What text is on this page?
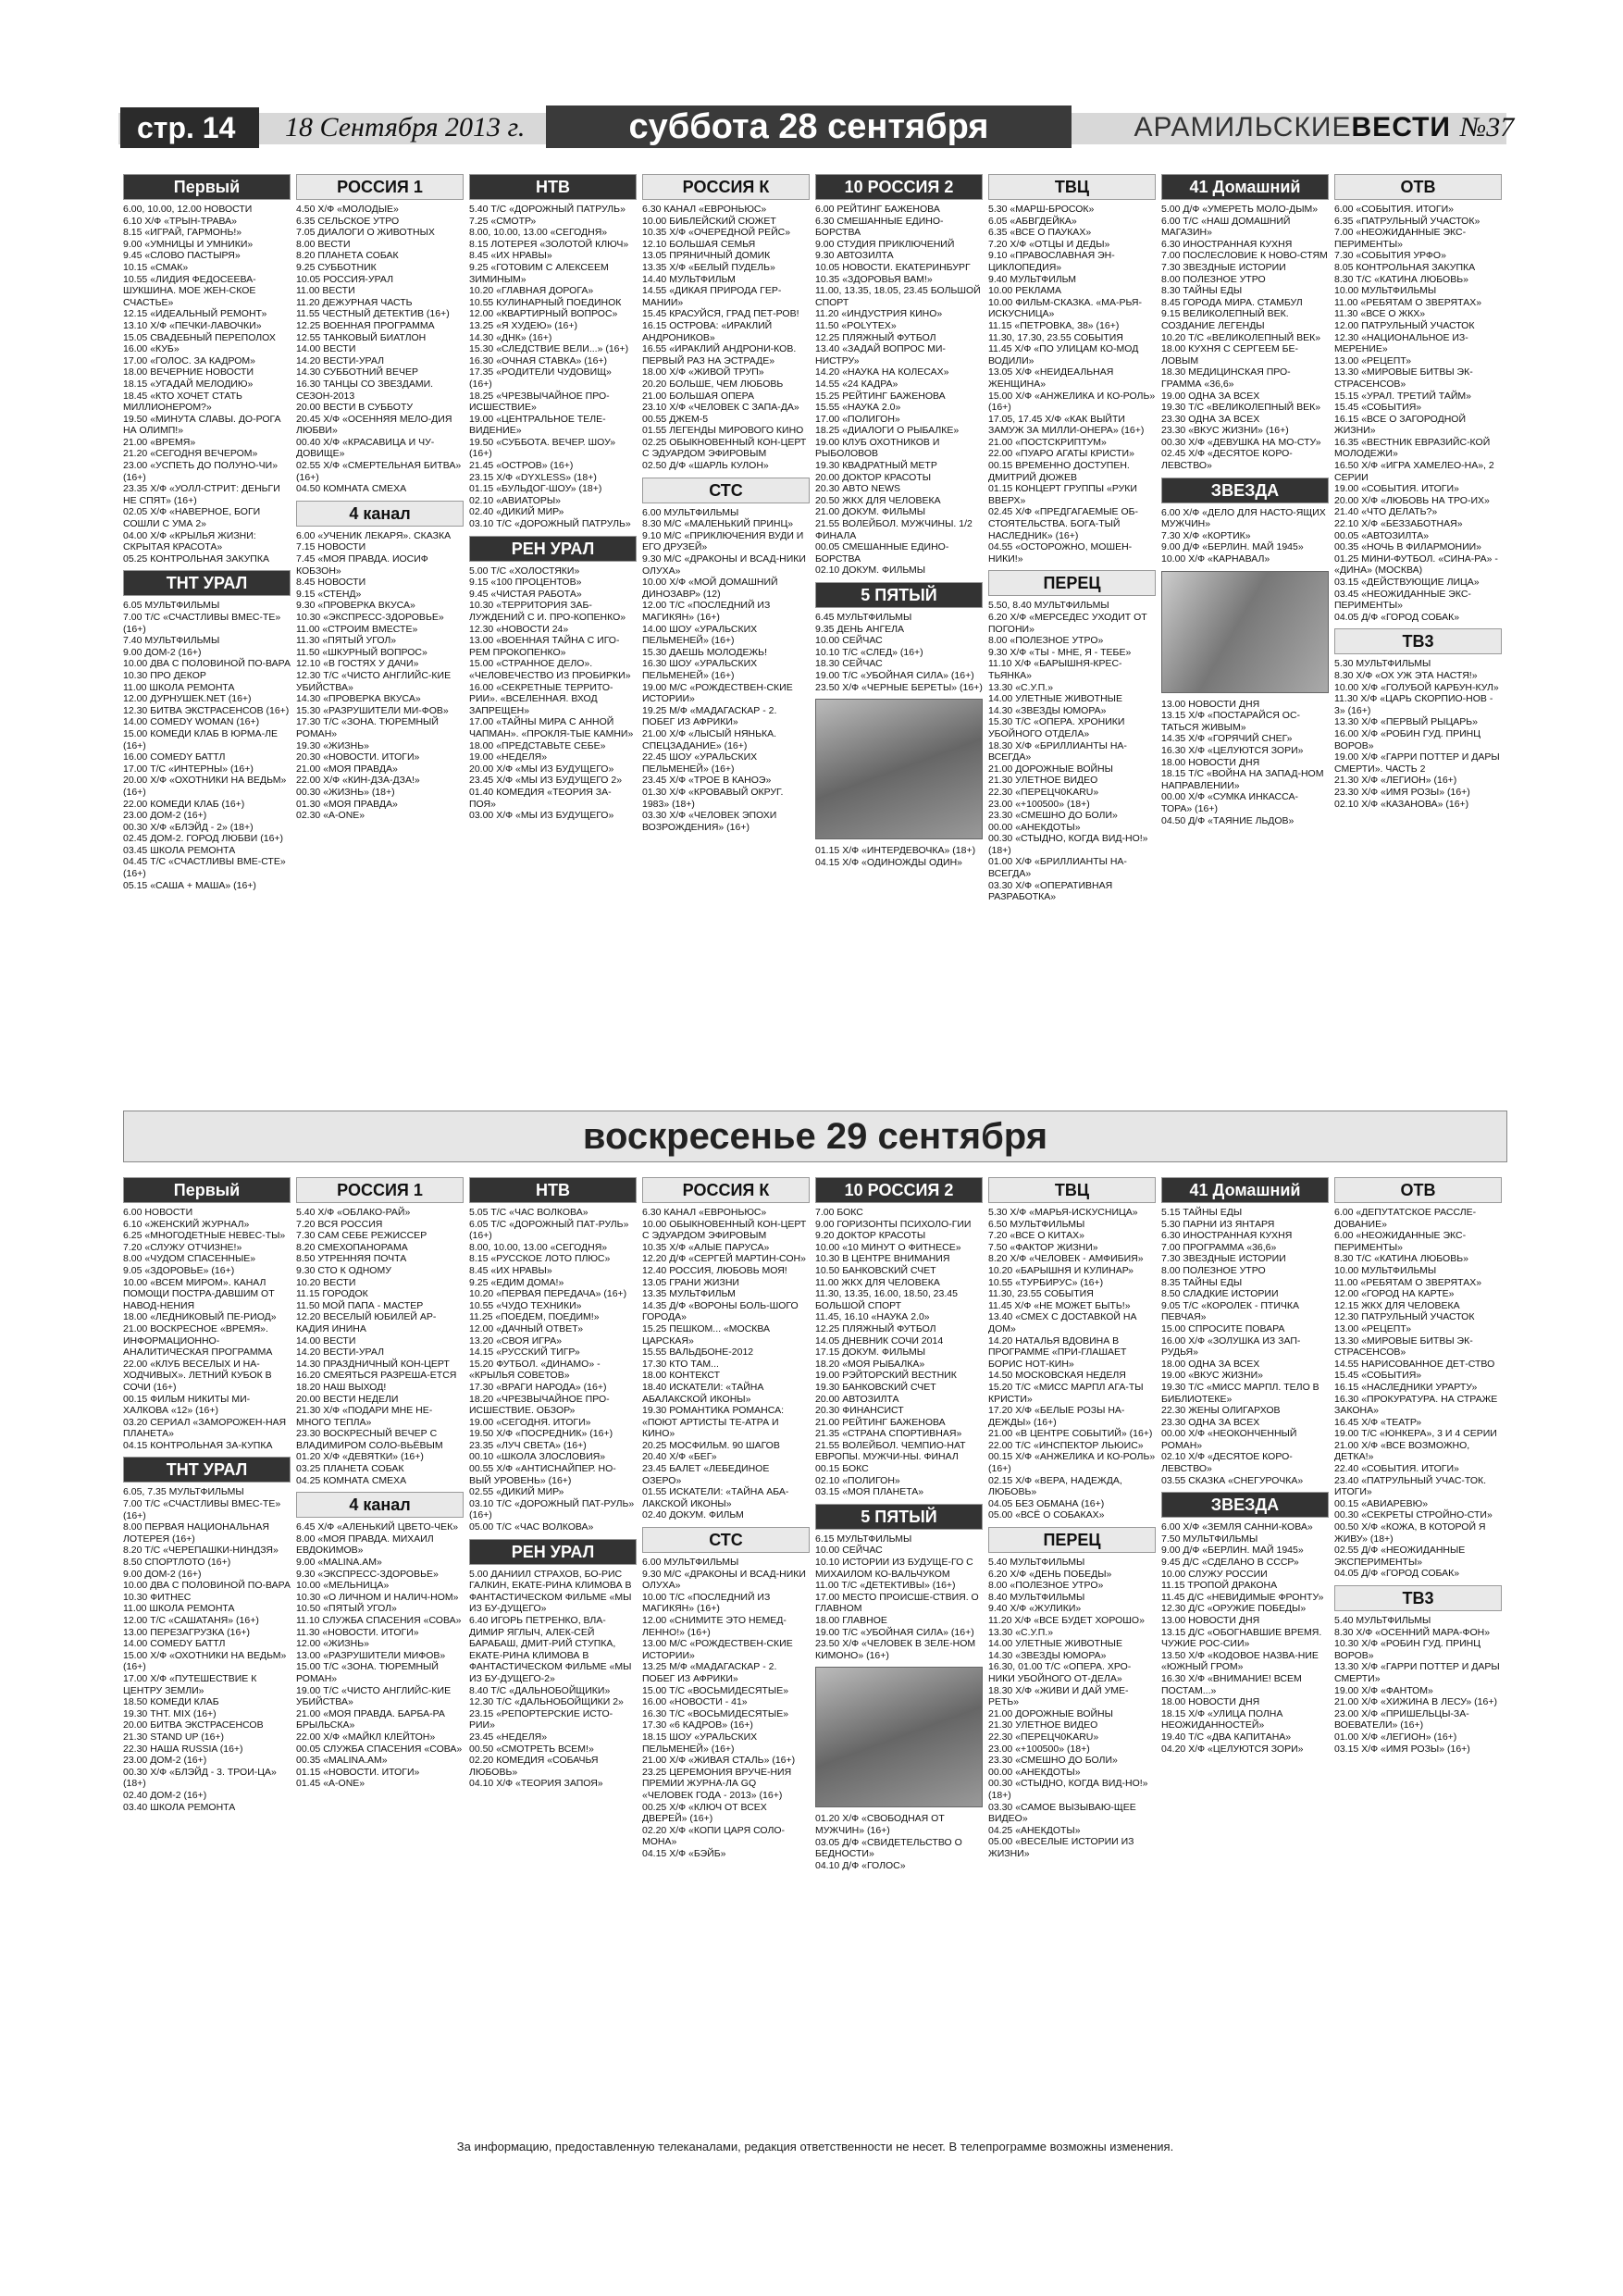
стр. 14	18 Сентября 2013 г.	суббота 28 сентября	АРАМИЛЬСКИЕВЕСТИ №37
Первый
6.00, 10.00, 12.00 НОВОСТИ
6.10 Х/Ф «ТРЫН-ТРАВА»
8.15 «ИГРАЙ, ГАРМОНЬ!»
9.00 «УМНИЦЫ И УМНИКИ»
9.45 «СЛОВО ПАСТЫРЯ»
10.15 «СМАК»
10.55 «ЛИДИЯ ФЕДОСЕЕВА-ШУКШИНА. МОЕ ЖЕН-СКОЕ СЧАСТЬЕ»
12.15 «ИДЕАЛЬНЫЙ РЕМОНТ»
13.10 Х/Ф «ПЕЧКИ-ЛАВОЧКИ»
15.05 СВАДЕБНЫЙ ПЕРЕПОЛОХ
16.00 «КУБ»
17.00 «ГОЛОС. ЗА КАДРОМ»
18.00 ВЕЧЕРНИЕ НОВОСТИ
18.15 «УГАДАЙ МЕЛОДИЮ»
18.45 «КТО ХОЧЕТ СТАТЬ МИЛЛИОНЕРОМ?»
19.50 «МИНУТА СЛАВЫ. ДО-РОГА НА ОЛИМП!»
21.00 «ВРЕМЯ»
21.20 «СЕГОДНЯ ВЕЧЕРОМ»
23.00 «УСПЕТЬ ДО ПОЛУНО-ЧИ» (16+)
23.35 Х/Ф «УОЛЛ-СТРИТ: ДЕНЬГИ НЕ СПЯТ» (16+)
02.05 Х/Ф «НАВЕРНОЕ, БОГИ СОШЛИ С УМА 2»
04.00 Х/Ф «КРЫЛЬЯ ЖИЗНИ: СКРЫТАЯ КРАСОТА»
05.25 КОНТРОЛЬНАЯ ЗАКУПКА
ТНТ УРАЛ
6.05 МУЛЬТФИЛЬМЫ
7.00 Т/С «СЧАСТЛИВЫ ВМЕС-ТЕ» (16+)
7.40 МУЛЬТФИЛЬМЫ
9.00 ДОМ-2 (16+)
10.00 ДВА С ПОЛОВИНОЙ ПО-ВАРА
10.30 ПРО ДЕКОР
11.00 ШКОЛА РЕМОНТА
12.00 ДУРНУШЕК.NET (16+)
12.30 БИТВА ЭКСТРАСЕНСОВ (16+)
14.00 COMEDY WOMAN (16+)
15.00 КОМЕДИ КЛАБ В ЮРМА-ЛЕ (16+)
16.00 COMEDY БАТТЛ
17.00 Т/С «ИНТЕРНЫ» (16+)
20.00 Х/Ф «ОХОТНИКИ НА ВЕДЬМ» (16+)
22.00 КОМЕДИ КЛАБ (16+)
23.00 ДОМ-2 (16+)
00.30 Х/Ф «БЛЭЙД - 2» (18+)
02.45 ДОМ-2. ГОРОД ЛЮБВИ (16+)
03.45 ШКОЛА РЕМОНТА
04.45 Т/С «СЧАСТЛИВЫ ВМЕ-СТЕ» (16+)
05.15 «САША + МАША» (16+)
РОССИЯ 1
4.50 Х/Ф «МОЛОДЫЕ»
6.35 СЕЛЬСКОЕ УТРО
7.05 ДИАЛОГИ О ЖИВОТНЫХ
8.00 ВЕСТИ
8.20 ПЛАНЕТА СОБАК
9.25 СУББОТНИК
10.05 РОССИЯ-УРАЛ
11.00 ВЕСТИ
11.20 ДЕЖУРНАЯ ЧАСТЬ
11.55 ЧЕСТНЫЙ ДЕТЕКТИВ (16+)
12.25 ВОЕННАЯ ПРОГРАММА
12.55 ТАНКОВЫЙ БИАТЛОН
14.00 ВЕСТИ
14.20 ВЕСТИ-УРАЛ
14.30 СУББОТНИЙ ВЕЧЕР
16.30 ТАНЦЫ СО ЗВЕЗДАМИ. СЕЗОН-2013
20.00 ВЕСТИ В СУББОТУ
20.45 Х/Ф «ОСЕННЯЯ МЕЛО-ДИЯ ЛЮБВИ»
00.40 Х/Ф «КРАСАВИЦА И ЧУ-ДОВИЩЕ»
02.55 Х/Ф «СМЕРТЕЛЬНАЯ БИТВА» (16+)
04.50 КОМНАТА СМЕХА
4 канал
6.00 «УЧЕНИК ЛЕКАРЯ». СКАЗКА
7.15 НОВОСТИ
7.45 «МОЯ ПРАВДА. ИОСИФ КОБЗОН»
8.45 НОВОСТИ
9.15 «СТЕНД»
9.30 «ПРОВЕРКА ВКУСА»
10.30 «ЭКСПРЕСС-ЗДОРОВЬЕ»
11.00 «СТРОИМ ВМЕСТЕ»
11.30 «ПЯТЫЙ УГОЛ»
11.50 «ШКУРНЫЙ ВОПРОС»
12.10 «В ГОСТЯХ У ДАЧИ»
12.30 Т/С «ЧИСТО АНГЛИЙС-КИЕ УБИЙСТВА»
14.30 «ПРОВЕРКА ВКУСА»
15.30 «РАЗРУШИТЕЛИ МИ-ФОВ»
17.30 Т/С «ЗОНА. ТЮРЕМНЫЙ РОМАН»
19.30 «ЖИЗНЬ»
20.30 «НОВОСТИ. ИТОГИ»
21.00 «МОЯ ПРАВДА»
22.00 Х/Ф «КИН-ДЗА-ДЗА!»
00.30 «ЖИЗНЬ» (18+)
01.30 «МОЯ ПРАВДА»
02.30 «А-ONE»
НТВ
5.40 Т/С «ДОРОЖНЫЙ ПАТРУЛЬ»
7.25 «СМОТР»
8.00, 10.00, 13.00 «СЕГОДНЯ»
8.15 ЛОТЕРЕЯ «ЗОЛОТОЙ КЛЮЧ»
8.45 «ИХ НРАВЫ»
9.25 «ГОТОВИМ С АЛЕКСЕЕМ ЗИМИНЫМ»
10.20 «ГЛАВНАЯ ДОРОГА»
10.55 КУЛИНАРНЫЙ ПОЕДИНОК
12.00 «КВАРТИРНЫЙ ВОПРОС»
13.25 «Я ХУДЕЮ» (16+)
14.30 «ДНК» (16+)
15.30 «СЛЕДСТВИЕ ВЕЛИ...» (16+)
16.30 «ОЧНАЯ СТАВКА» (16+)
17.35 «РОДИТЕЛИ ЧУДОВИЩ» (16+)
18.25 «ЧРЕЗВЫЧАЙНОЕ ПРО-ИСШЕСТВИЕ»
19.00 «ЦЕНТРАЛЬНОЕ ТЕЛЕ-ВИДЕНИЕ»
19.50 «СУББОТА. ВЕЧЕР. ШОУ» (16+)
21.45 «ОСТРОВ» (16+)
23.15 Х/Ф «DYXLESS» (18+)
01.15 «БУЛЬДОГ-ШОУ» (18+)
02.10 «АВИАТОРЫ»
02.40 «ДИКИЙ МИР»
03.10 Т/С «ДОРОЖНЫЙ ПАТРУЛЬ»
РЕН УРАЛ
5.00 Т/С «ХОЛОСТЯКИ»
9.15 «100 ПРОЦЕНТОВ»
9.45 «ЧИСТАЯ РАБОТА»
10.30 «ТЕРРИТОРИЯ ЗАБ-ЛУЖДЕНИЙ С И. ПРО-КОПЕНКО»
12.30 «НОВОСТИ 24»
13.00 «ВОЕННАЯ ТАЙНА С ИГО-РЕМ ПРОКОПЕНКО»
15.00 «СТРАННОЕ ДЕЛО». «ЧЕЛОВЕЧЕСТВО ИЗ ПРОБИРКИ»
16.00 «СЕКРЕТНЫЕ ТЕРРИТО-РИИ». «ВСЕЛЕННАЯ. ВХОД ЗАПРЕЩЕН»
17.00 «ТАЙНЫ МИРА С АННОЙ ЧАПМАН». «ПРОКЛЯ-ТЫЕ КАМНИ»
18.00 «ПРЕДСТАВЬТЕ СЕБЕ»
19.00 «НЕДЕЛЯ»
20.00 Х/Ф «МЫ ИЗ БУДУЩЕГО»
23.45 Х/Ф «МЫ ИЗ БУДУЩЕГО 2»
01.40 КОМЕДИЯ «ТЕОРИЯ ЗА-ПОЯ»
03.00 Х/Ф «МЫ ИЗ БУДУЩЕГО»
РОССИЯ К
6.30 КАНАЛ «ЕВРОНЬЮС»
10.00 БИБЛЕЙСКИЙ СЮЖЕТ
10.35 Х/Ф «ОЧЕРЕДНОЙ РЕЙС»
12.10 БОЛЬШАЯ СЕМЬЯ
13.05 ПРЯНИЧНЫЙ ДОМИК
13.35 Х/Ф «БЕЛЫЙ ПУДЕЛЬ»
14.40 МУЛЬТФИЛЬМ
14.55 «ДИКАЯ ПРИРОДА ГЕР-МАНИИ»
15.45 КРАСУЙСЯ, ГРАД ПЕТ-РОВ!
16.15 ОСТРОВА: «ИРАКЛИЙ АНДРОНИКОВ»
16.55 «ИРАКЛИЙ АНДРОНИ-КОВ. ПЕРВЫЙ РАЗ НА ЭСТРАДЕ»
18.00 Х/Ф «ЖИВОЙ ТРУП»
20.20 БОЛЬШЕ, ЧЕМ ЛЮБОВЬ
21.00 БОЛЬШАЯ ОПЕРА
23.10 Х/Ф «ЧЕЛОВЕК С ЗАПА-ДА»
00.55 ДЖЕМ-5
01.55 ЛЕГЕНДЫ МИРОВОГО КИНО
02.25 ОБЫКНОВЕННЫЙ КОН-ЦЕРТ С ЭДУАРДОМ ЭФИРОВЫМ
02.50 Д/Ф «ШАРЛЬ КУЛОН»
СТС
6.00 МУЛЬТФИЛЬМЫ
8.30 М/С «МАЛЕНЬКИЙ ПРИНЦ»
9.10 М/С «ПРИКЛЮЧЕНИЯ ВУДИ И ЕГО ДРУЗЕЙ»
9.30 М/С «ДРАКОНЫ И ВСАД-НИКИ ОЛУХА»
10.00 Х/Ф «МОЙ ДОМАШНИЙ ДИНОЗАВР» (12)
12.00 Т/С «ПОСЛЕДНИЙ ИЗ МАГИКЯН» (16+)
14.00 ШОУ «УРАЛЬСКИХ ПЕЛЬМЕНЕЙ» (16+)
15.30 ДАЕШЬ МОЛОДЕЖЬ!
16.30 ШОУ «УРАЛЬСКИХ ПЕЛЬМЕНЕЙ» (16+)
19.00 М/С «РОЖДЕСТВЕН-СКИЕ ИСТОРИИ»
19.25 М/Ф «МАДАГАСКАР - 2. ПОБЕГ ИЗ АФРИКИ»
21.00 Х/Ф «ЛЫСЫЙ НЯНЬКА. СПЕЦЗАДАНИЕ» (16+)
22.45 ШОУ «УРАЛЬСКИХ ПЕЛЬМЕНЕЙ» (16+)
23.45 Х/Ф «ТРОЕ В КАНОЭ»
01.30 Х/Ф «КРОВАВЫЙ ОКРУГ. 1983» (18+)
03.30 Х/Ф «ЧЕЛОВЕК ЭПОХИ ВОЗРОЖДЕНИЯ» (16+)
10 РОССИЯ 2
6.00 РЕЙТИНГ БАЖЕНОВА
6.30 СМЕШАННЫЕ ЕДИНО-БОРСТВА
9.00 СТУДИЯ ПРИКЛЮЧЕНИЙ
9.30 АВТОЗИЛТА
10.05 НОВОСТИ. ЕКАТЕРИНБУРГ
10.35 «ЗДОРОВЬЯ ВАМ!»
11.00, 13.35, 18.05, 23.45 БОЛЬШОЙ СПОРТ
11.20 «ИНДУСТРИЯ КИНО»
11.50 «POLYTEX»
12.25 ПЛЯЖНЫЙ ФУТБОЛ
13.40 «ЗАДАЙ ВОПРОС МИ-НИСТРУ»
14.20 «НАУКА НА КОЛЕСАХ»
14.55 «24 КАДРА»
15.25 РЕЙТИНГ БАЖЕНОВА
15.55 «НАУКА 2.0»
17.00 «ПОЛИГОН»
18.25 «ДИАЛОГИ О РЫБАЛКЕ»
19.00 КЛУБ ОХОТНИКОВ И РЫБОЛОВОВ
19.30 КВАДРАТНЫЙ МЕТР
20.00 ДОКТОР КРАСОТЫ
20.30 ABTO NEWS
20.50 ЖКХ ДЛЯ ЧЕЛОВЕКА
21.00 ДОКУМ. ФИЛЬМЫ
21.55 ВОЛЕЙБОЛ. МУЖЧИНЫ. 1/2 ФИНАЛА
00.05 СМЕШАННЫЕ ЕДИНО-БОРСТВА
02.10 ДОКУМ. ФИЛЬМЫ
5 ПЯТЫЙ
6.45 МУЛЬТФИЛЬМЫ
9.35 ДЕНЬ АНГЕЛА
10.00 СЕЙЧАС
10.10 Т/С «СЛЕД» (16+)
18.30 СЕЙЧАС
19.00 Т/С «УБОЙНАЯ СИЛА» (16+)
23.50 Х/Ф «ЧЕРНЫЕ БЕРЕТЫ» (16+)
01.15 Х/Ф «ИНТЕРДЕВОЧКА» (18+)
04.15 Х/Ф «ОДИНОЖДЫ ОДИН»
ТВЦ
5.30 «МАРШ-БРОСОК»
6.05 «АБВГДЕЙКА»
6.35 «ВСЕ О ПАУКАХ»
7.20 Х/Ф «ОТЦЫ И ДЕДЫ»
9.10 «ПРАВОСЛАВНАЯ ЭН-ЦИКЛОПЕДИЯ»
9.40 МУЛЬТФИЛЬМ
10.00 РЕКЛАМА
10.00 ФИЛЬМ-СКАЗКА. «МА-РЬЯ-ИСКУСНИЦА»
11.15 «ПЕТРОВКА, 38» (16+)
11.30, 17.30, 23.55 СОБЫТИЯ
11.45 Х/Ф «ПО УЛИЦАМ КО-МОД ВОДИЛИ»
13.05 Х/Ф «НЕИДЕАЛЬНАЯ ЖЕНЩИНА»
15.00 Х/Ф «АНЖЕЛИКА И КО-РОЛЬ» (16+)
17.05, 17.45 Х/Ф «КАК ВЫЙТИ ЗАМУЖ ЗА МИЛЛИ-ОНЕРА» (16+)
21.00 «ПОСТСКРИПТУМ»
22.00 «ПУАРО АГАТЫ КРИСТИ»
00.15 ВРЕМЕННО ДОСТУПЕН. ДМИТРИЙ ДЮЖЕВ
01.15 КОНЦЕРТ ГРУППЫ «РУКИ ВВЕРХ»
02.45 Х/Ф «ПРЕДГАГАЕМЫЕ ОБ-СТОЯТЕЛЬСТВА. БОГА-ТЫЙ НАСЛЕДНИК» (16+)
04.55 «ОСТОРОЖНО, МОШЕН-НИКИ!»
ПЕРЕЦ
5.50, 8.40 МУЛЬТФИЛЬМЫ
6.20 Х/Ф «МЕРСЕДЕС УХОДИТ ОТ ПОГОНИ»
8.00 «ПОЛЕЗНОЕ УТРО»
9.30 Х/Ф «ТЫ - МНЕ, Я - ТЕБЕ»
11.10 Х/Ф «БАРЫШНЯ-КРЕС-ТЬЯНКА»
13.30 «С.У.П.»
14.00 УЛЕТНЫЕ ЖИВОТНЫЕ
14.30 «ЗВЕЗДЫ ЮМОРА»
15.30 Т/С «ОПЕРА. ХРОНИКИ УБОЙНОГО ОТДЕЛА»
18.30 Х/Ф «БРИЛЛИАНТЫ НА-ВСЕГДА»
21.00 ДОРОЖНЫЕ ВОЙНЫ
21.30 УЛЕТНОЕ ВИДЕО
22.30 «ПЕРЕЦЧ0KARU»
23.00 «+100500» (18+)
23.30 «СМЕШНО ДО БОЛИ»
00.00 «АНЕКДОТЫ»
00.30 «СТЫДНО, КОГДА ВИД-НО!» (18+)
01.00 Х/Ф «БРИЛЛИАНТЫ НА-ВСЕГДА»
03.30 Х/Ф «ОПЕРАТИВНАЯ РАЗРАБОТКА»
41 Домашний
5.00 Д/Ф «УМЕРЕТЬ МОЛО-ДЫМ»
6.00 Т/С «НАШ ДОМАШНИЙ МАГАЗИН»
6.30 ИНОСТРАННАЯ КУХНЯ
7.00 ПОСЛЕСЛОВИЕ К НОВО-СТЯМ
7.30 ЗВЕЗДНЫЕ ИСТОРИИ
8.00 ПОЛЕЗНОЕ УТРО
8.30 ТАЙНЫ ЕДЫ
8.45 ГОРОДА МИРА. СТАМБУЛ
9.15 ВЕЛИКОЛЕПНЫЙ ВЕК. СОЗДАНИЕ ЛЕГЕНДЫ
10.20 Т/С «ВЕЛИКОЛЕПНЫЙ ВЕК»
18.00 КУХНЯ С СЕРГЕЕМ БЕ-ЛОВЫМ
18.30 МЕДИЦИНСКАЯ ПРО-ГРАММА «36,6»
19.00 ОДНА ЗА ВСЕХ
19.30 Т/С «ВЕЛИКОЛЕПНЫЙ ВЕК»
23.30 ОДНА ЗА ВСЕХ
23.30 «ВКУС ЖИЗНИ» (16+)
00.30 Х/Ф «ДЕВУШКА НА МО-СТУ»
02.45 Х/Ф «ДЕСЯТОЕ КОРО-ЛЕВСТВО»
ЗВЕЗДА
6.00 Х/Ф «ДЕЛО ДЛЯ НАСТО-ЯЩИХ МУЖЧИН»
7.30 Х/Ф «КОРТИК»
9.00 Д/Ф «БЕРЛИН. МАЙ 1945»
10.00 Х/Ф «КАРНАВАЛ»
13.00 НОВОСТИ ДНЯ
13.15 Х/Ф «ПОСТАРАЙСЯ ОС-ТАТЬСЯ ЖИВЫМ»
14.35 Х/Ф «ГОРЯЧИЙ СНЕГ»
16.30 Х/Ф «ЦЕЛУЮТСЯ ЗОРИ»
18.00 НОВОСТИ ДНЯ
18.15 Т/С «ВОЙНА НА ЗАПАД-НОМ НАПРАВЛЕНИИ»
00.00 Х/Ф «СУМКА ИНКАССА-ТОРА» (16+)
04.50 Д/Ф «ТАЯНИЕ ЛЬДОВ»
ОТВ
6.00 «СОБЫТИЯ. ИТОГИ»
6.35 «ПАТРУЛЬНЫЙ УЧАСТОК»
7.00 «НЕОЖИДАННЫЕ ЭКС-ПЕРИМЕНТЫ»
7.30 «СОБЫТИЯ УРФО»
8.05 КОНТРОЛЬНАЯ ЗАКУПКА
8.30 Т/С «КАТИНА ЛЮБОВЬ»
10.00 МУЛЬТФИЛЬМЫ
11.00 «РЕБЯТАМ О ЗВЕРЯТАХ»
11.30 «ВСЕ О ЖКХ»
12.00 ПАТРУЛЬНЫЙ УЧАСТОК
12.30 «НАЦИОНАЛЬНОЕ ИЗ-МЕРЕНИЕ»
13.00 «РЕЦЕПТ»
13.30 «МИРОВЫЕ БИТВЫ ЭК-СТРАСЕНСОВ»
15.15 «УРАЛ. ТРЕТИЙ ТАЙМ»
15.45 «СОБЫТИЯ»
16.15 «ВСЕ О ЗАГОРОДНОЙ ЖИЗНИ»
16.35 «ВЕСТНИК ЕВРАЗИЙС-КОЙ МОЛОДЕЖИ»
16.50 Х/Ф «ИГРА ХАМЕЛЕО-НА», 2 СЕРИИ
19.00 «СОБЫТИЯ. ИТОГИ»
20.00 Х/Ф «ЛЮБОВЬ НА ТРО-ИХ»
21.40 «ЧТО ДЕЛАТЬ?»
22.10 Х/Ф «БЕЗЗАБОТНАЯ»
00.05 «АВТОЗИЛТА»
00.35 «НОЧЬ В ФИЛАРМОНИИ»
01.25 МИНИ-ФУТБОЛ. «СИНА-РА» - «ДИНА» (МОСКВА)
03.15 «ДЕЙСТВУЮЩИЕ ЛИЦА»
03.45 «НЕОЖИДАННЫЕ ЭКС-ПЕРИМЕНТЫ»
04.05 Д/Ф «ГОРОД СОБАК»
ТВ3
5.30 МУЛЬТФИЛЬМЫ
8.30 Х/Ф «ОХ УЖ ЭТА НАСТЯ!»
10.00 Х/Ф «ГОЛУБОЙ КАРБУН-КУЛ»
11.30 Х/Ф «ЦАРЬ СКОРПИО-НОВ - 3» (16+)
13.30 Х/Ф «ПЕРВЫЙ РЫЦАРЬ»
16.00 Х/Ф «РОБИН ГУД. ПРИНЦ ВОРОВ»
19.00 Х/Ф «ГАРРИ ПОТТЕР И ДАРЫ СМЕРТИ». ЧАСТЬ 2
21.30 Х/Ф «ЛЕГИОН» (16+)
23.30 Х/Ф «ИМЯ РОЗЫ» (16+)
02.10 Х/Ф «КАЗАНОВА» (16+)
воскресенье 29 сентября
Первый
6.00 НОВОСТИ
6.10 «ЖЕНСКИЙ ЖУРНАЛ»
6.25 «МНОГОДЕТНЫЕ НЕВЕС-ТЫ»
7.20 «СЛУЖУ ОТЧИЗНЕ!»
8.00 «ЧУДОМ СПАСЕННЫЕ»
9.05 «ЗДОРОВЬЕ» (16+)
10.00 «ВСЕМ МИРОМ». КАНАЛ ПОМОЩИ ПОСТРА-ДАВШИМ ОТ НАВОД-НЕНИЯ
18.00 «ЛЕДНИКОВЫЙ ПЕ-РИОД»
21.00 ВОСКРЕСНОЕ «ВРЕМЯ». ИНФОРМАЦИОННО-АНАЛИТИЧЕСКАЯ ПРОГРАММА
22.00 «КЛУБ ВЕСЕЛЫХ И НА-ХОДЧИВЫХ». ЛЕТНИЙ КУБОК В СОЧИ (16+)
00.15 ФИЛЬМ НИКИТЫ МИ-ХАЛКОВА «12» (16+)
03.20 СЕРИАЛ «ЗАМОРОЖЕН-НАЯ ПЛАНЕТА»
04.15 КОНТРОЛЬНАЯ ЗА-КУПКА
ТНТ УРАЛ
6.05, 7.35 МУЛЬТФИЛЬМЫ
7.00 Т/С «СЧАСТЛИВЫ ВМЕС-ТЕ» (16+)
8.00 ПЕРВАЯ НАЦИОНАЛЬНАЯ ЛОТЕРЕЯ (16+)
8.20 Т/С «ЧЕРЕПАШКИ-НИНДЗЯ»
8.50 СПОРТЛОТО (16+)
9.00 ДОМ-2 (16+)
10.00 ДВА С ПОЛОВИНОЙ ПО-ВАРА
10.30 ФИТНЕС
11.00 ШКОЛА РЕМОНТА
12.00 Т/С «САШАТАНЯ» (16+)
13.00 ПЕРЕЗАГРУЗКА (16+)
14.00 COMEDY БАТТЛ
15.00 Х/Ф «ОХОТНИКИ НА ВЕДЬМ» (16+)
17.00 Х/Ф «ПУТЕШЕСТВИЕ К ЦЕНТРУ ЗЕМЛИ»
18.50 КОМЕДИ КЛАБ
19.30 ТНТ. MIX (16+)
20.00 БИТВА ЭКСТРАСЕНСОВ
21.30 STAND UP (16+)
22.30 НАША RUSSIA (16+)
23.00 ДОМ-2 (16+)
00.30 Х/Ф «БЛЭЙД - 3. ТРОИ-ЦА» (18+)
02.40 ДОМ-2 (16+)
03.40 ШКОЛА РЕМОНТА
РОССИЯ 1
5.40 Х/Ф «ОБЛАКО-РАЙ»
7.20 ВСЯ РОССИЯ
7.30 САМ СЕБЕ РЕЖИССЕР
8.20 СМЕХОПАНОРАМА
8.50 УТРЕННЯЯ ПОЧТА
9.30 СТО К ОДНОМУ
10.20 ВЕСТИ
11.15 ГОРОДОК
11.50 МОЙ ПАПА - МАСТЕР
12.20 ВЕСЕЛЫЙ ЮБИЛЕЙ АР-КАДИЯ ИНИНА
14.00 ВЕСТИ
14.20 ВЕСТИ-УРАЛ
14.30 ПРАЗДНИЧНЫЙ КОН-ЦЕРТ
16.20 СМЕЯТЬСЯ РАЗРЕША-ЕТСЯ
18.20 НАШ ВЫХОД!
20.00 ВЕСТИ НЕДЕЛИ
21.30 Х/Ф «ПОДАРИ МНЕ НЕ-МНОГО ТЕПЛА»
23.30 ВОСКРЕСНЫЙ ВЕЧЕР С ВЛАДИМИРОМ СОЛО-ВЬЁВЫМ
01.20 Х/Ф «ДЕВЯТКИ» (16+)
03.25 ПЛАНЕТА СОБАК
04.25 КОМНАТА СМЕХА
4 канал
6.45 Х/Ф «АЛЕНЬКИЙ ЦВЕТО-ЧЕК»
8.00 «МОЯ ПРАВДА. МИХАИЛ ЕВДОКИМОВ»
9.00 «MALINA.AM»
9.30 «ЭКСПРЕСС-ЗДОРОВЬЕ»
10.00 «МЕЛЬНИЦА»
10.30 «О ЛИЧНОМ И НАЛИЧ-НОМ»
10.50 «ПЯТЫЙ УГОЛ»
11.10 СЛУЖБА СПАСЕНИЯ «СОВА»
11.30 «НОВОСТИ. ИТОГИ»
12.00 «ЖИЗНЬ»
13.00 «РАЗРУШИТЕЛИ МИФОВ»
15.00 Т/С «ЗОНА. ТЮРЕМНЫЙ РОМАН»
19.00 Т/С «ЧИСТО АНГЛИЙС-КИЕ УБИЙСТВА»
21.00 «МОЯ ПРАВДА. БАРБА-РА БРЫЛЬСКА»
22.00 Х/Ф «МАЙКЛ КЛЕЙТОН»
00.05 СЛУЖБА СПАСЕНИЯ «СОВА»
00.35 «MALINA.AM»
01.15 «НОВОСТИ. ИТОГИ»
01.45 «А-ONE»
НТВ
5.05 Т/С «ЧАС ВОЛКОВА»
6.05 Т/С «ДОРОЖНЫЙ ПАТ-РУЛЬ» (16+)
8.00, 10.00, 13.00 «СЕГОДНЯ»
8.15 «РУССКОЕ ЛОТО ПЛЮС»
8.45 «ИХ НРАВЫ»
9.25 «ЕДИМ ДОМА!»
10.20 «ПЕРВАЯ ПЕРЕДАЧА» (16+)
10.55 «ЧУДО ТЕХНИКИ»
11.25 «ПОЕДЕМ, ПОЕДИМ!»
12.00 «ДАЧНЫЙ ОТВЕТ»
13.20 «СВОЯ ИГРА»
14.15 «РУССКИЙ ТИГР»
15.20 ФУТБОЛ. «ДИНАМО» - «КРЫЛЬЯ СОВЕТОВ»
17.30 «ВРАГИ НАРОДА» (16+)
18.20 «ЧРЕЗВЫЧАЙНОЕ ПРО-ИСШЕСТВИЕ. ОБЗОР»
19.00 «СЕГОДНЯ. ИТОГИ»
19.50 Х/Ф «ПОСРЕДНИК» (16+)
23.35 «ЛУЧ СВЕТА» (16+)
00.10 «ШКОЛА ЗЛОСЛОВИЯ»
00.55 Х/Ф «АНТИСНАЙПЕР. НО-ВЫЙ УРОВЕНЬ» (16+)
02.55 «ДИКИЙ МИР»
03.10 Т/С «ДОРОЖНЫЙ ПАТ-РУЛЬ» (16+)
05.00 Т/С «ЧАС ВОЛКОВА»
РЕН УРАЛ
5.00 ДАНИИЛ СТРАХОВ, БО-РИС ГАЛКИН, ЕКАТЕ-РИНА КЛИМОВА В ФАНТАСТИЧЕСКОМ ФИЛЬМЕ «МЫ ИЗ БУ-ДУЩЕГО»
6.40 ИГОРЬ ПЕТРЕНКО, ВЛА-ДИМИР ЯГЛЫЧ, АЛЕК-СЕЙ БАРАБАШ, ДМИТ-РИЙ СТУПКА, ЕКАТЕ-РИНА КЛИМОВА В ФАНТАСТИЧЕСКОМ ФИЛЬМЕ «МЫ ИЗ БУ-ДУЩЕГО-2»
8.40 Т/С «ДАЛЬНОБОЙЩИКИ»
12.30 Т/С «ДАЛЬНОБОЙЩИКИ 2»
23.15 «РЕПОРТЕРСКИЕ ИСТО-РИИ»
23.45 «НЕДЕЛЯ»
00.50 «СМОТРЕТЬ ВСЕМ!»
02.20 КОМЕДИЯ «СОБАЧЬЯ ЛЮБОВЬ»
04.10 Х/Ф «ТЕОРИЯ ЗАПОЯ»
РОССИЯ К
6.30 КАНАЛ «ЕВРОНЬЮС»
10.00 ОБЫКНОВЕННЫЙ КОН-ЦЕРТ С ЭДУАРДОМ ЭФИРОВЫМ
10.35 Х/Ф «АЛЫЕ ПАРУСА»
12.20 Д/Ф «СЕРГЕЙ МАРТИН-СОН»
12.40 РОССИЯ, ЛЮБОВЬ МОЯ!
13.05 ГРАНИ ЖИЗНИ
13.35 МУЛЬТФИЛЬМ
14.35 Д/Ф «ВОРОНЫ БОЛЬ-ШОГО ГОРОДА»
15.25 ПЕШКОМ... «МОСКВА ЦАРСКАЯ»
15.55 ВАЛЬДБОНЕ-2012
17.30 КТО ТАМ...
18.00 КОНТЕКСТ
18.40 ИСКАТЕЛИ: «ТАЙНА АБАЛАКСКОЙ ИКОНЫ»
19.30 РОМАНТИКА РОМАНСА: «ПОЮТ АРТИСТЫ ТЕ-АТРА И КИНО»
20.25 МОСФИЛЬМ. 90 ШАГОВ
20.40 Х/Ф «БЕГ»
23.45 БАЛЕТ «ЛЕБЕДИНОЕ ОЗЕРО»
01.55 ИСКАТЕЛИ: «ТАЙНА АБА-ЛАКСКОЙ ИКОНЫ»
02.40 ДОКУМ. ФИЛЬМ
СТС
6.00 МУЛЬТФИЛЬМЫ
9.30 М/С «ДРАКОНЫ И ВСАД-НИКИ ОЛУХА»
10.00 Т/С «ПОСЛЕДНИЙ ИЗ МАГИКЯН» (16+)
12.00 «СНИМИТЕ ЭТО НЕМЕД-ЛЕННО!» (16+)
13.00 М/С «РОЖДЕСТВЕН-СКИЕ ИСТОРИИ»
13.25 М/Ф «МАДАГАСКАР - 2. ПОБЕГ ИЗ АФРИКИ»
15.00 Т/С «ВОСЬМИДЕСЯТЫЕ»
16.00 «НОВОСТИ - 41»
16.30 Т/С «ВОСЬМИДЕСЯТЫЕ»
17.30 «6 КАДРОВ» (16+)
18.15 ШОУ «УРАЛЬСКИХ ПЕЛЬМЕНЕЙ» (16+)
21.00 Х/Ф «ЖИВАЯ СТАЛЬ» (16+)
23.25 ЦЕРЕМОНИЯ ВРУЧЕ-НИЯ ПРЕМИИ ЖУРНА-ЛА GQ «ЧЕЛОВЕК ГОДА - 2013» (16+)
00.25 Х/Ф «КЛЮЧ ОТ ВСЕХ ДВЕРЕЙ» (16+)
02.20 Х/Ф «КОПИ ЦАРЯ СОЛО-МОНА»
04.15 Х/Ф «БЭЙБ»
10 РОССИЯ 2
7.00 БОКС
9.00 ГОРИЗОНТЫ ПСИХОЛО-ГИИ
9.20 ДОКТОР КРАСОТЫ
10.00 «10 МИНУТ О ФИТНЕСЕ»
10.30 В ЦЕНТРЕ ВНИМАНИЯ
10.50 БАНКОВСКИЙ СЧЕТ
11.00 ЖКХ ДЛЯ ЧЕЛОВЕКА
11.30, 13.35, 16.00, 18.50, 23.45 БОЛЬШОЙ СПОРТ
11.45, 16.10 «НАУКА 2.0»
12.25 ПЛЯЖНЫЙ ФУТБОЛ
14.05 ДНЕВНИК СОЧИ 2014
17.15 ДОКУМ. ФИЛЬМЫ
18.20 «МОЯ РЫБАЛКА»
19.00 РЭЙТОРСКИЙ ВЕСТНИК
19.30 БАНКОВСКИЙ СЧЕТ
20.00 АВТОЗИЛТА
20.30 ФИНАНСИСТ
21.00 РЕЙТИНГ БАЖЕНОВА
21.35 «СТРАНА СПОРТИВНАЯ»
21.55 ВОЛЕЙБОЛ. ЧЕМПИО-НАТ ЕВРОПЫ. МУЖЧИ-НЫ. ФИНАЛ
00.15 БОКС
02.10 «ПОЛИГОН»
03.15 «МОЯ ПЛАНЕТА»
5 ПЯТЫЙ
6.15 МУЛЬТФИЛЬМЫ
10.00 СЕЙЧАС
10.10 ИСТОРИИ ИЗ БУДУЩЕ-ГО С МИХАИЛОМ КО-ВАЛЬЧУКОМ
11.00 Т/С «ДЕТЕКТИВЫ» (16+)
17.00 МЕСТО ПРОИСШЕ-СТВИЯ. О ГЛАВНОМ
18.00 ГЛАВНОЕ
19.00 Т/С «УБОЙНАЯ СИЛА» (16+)
23.50 Х/Ф «ЧЕЛОВЕК В ЗЕЛЕ-НОМ КИМОНО» (16+)
01.20 Х/Ф «СВОБОДНАЯ ОТ МУЖЧИН» (16+)
03.05 Д/Ф «СВИДЕТЕЛЬСТВО О БЕДНОСТИ»
04.10 Д/Ф «ГОЛОС»
ТВЦ
5.30 Х/Ф «МАРЬЯ-ИСКУСНИЦА»
6.50 МУЛЬТФИЛЬМЫ
7.20 «ВСЕ О КИТАХ»
7.50 «ФАКТОР ЖИЗНИ»
8.20 Х/Ф «ЧЕЛОВЕК - АМФИБИЯ»
10.20 «БАРЫШНЯ И КУЛИНАР»
10.55 «ТУРБИРУС» (16+)
11.30, 23.55 СОБЫТИЯ
11.45 Х/Ф «НЕ МОЖЕТ БЫТЬ!»
13.40 «СМЕХ С ДОСТАВКОЙ НА ДОМ»
14.20 НАТАЛЬЯ ВДОВИНА В ПРОГРАММЕ «ПРИ-ГЛАШАЕТ БОРИС НОТ-КИН»
14.50 МОСКОВСКАЯ НЕДЕЛЯ
15.20 Т/С «МИСС МАРПЛ АГА-ТЫ КРИСТИ»
17.20 Х/Ф «БЕЛЫЕ РОЗЫ НА-ДЕЖДЫ» (16+)
21.00 «В ЦЕНТРЕ СОБЫТИЙ» (16+)
22.00 Т/С «ИНСПЕКТОР ЛЬЮИС»
00.15 Х/Ф «АНЖЕЛИКА И КО-РОЛЬ» (16+)
02.15 Х/Ф «ВЕРА, НАДЕЖДА, ЛЮБОВЬ»
04.05 БЕЗ ОБМАНА (16+)
05.00 «ВСЁ О СОБАКАХ»
ПЕРЕЦ
5.40 МУЛЬТФИЛЬМЫ
6.20 Х/Ф «ДЕНЬ ПОБЕДЫ»
8.00 «ПОЛЕЗНОЕ УТРО»
8.40 МУЛЬТФИЛЬМЫ
9.40 Х/Ф «ЖУЛИКИ»
11.20 Х/Ф «ВСЕ БУДЕТ ХОРОШО»
13.30 «С.У.П.»
14.00 УЛЕТНЫЕ ЖИВОТНЫЕ
14.30 «ЗВЕЗДЫ ЮМОРА»
16.30, 01.00 Т/С «ОПЕРА. ХРО-НИКИ УБОЙНОГО ОТ-ДЕЛА»
18.30 Х/Ф «ЖИВИ И ДАЙ УМЕ-РЕТЬ»
21.00 ДОРОЖНЫЕ ВОЙНЫ
21.30 УЛЕТНОЕ ВИДЕО
22.30 «ПЕРЕЦЧ0KARU»
23.00 «+100500» (18+)
23.30 «СМЕШНО ДО БОЛИ»
00.00 «АНЕКДОТЫ»
00.30 «СТЫДНО, КОГДА ВИД-НО!» (18+)
03.30 «САМОЕ ВЫЗЫВАЮ-ЩЕЕ ВИДЕО»
04.25 «АНЕКДОТЫ»
05.00 «ВЕСЕЛЫЕ ИСТОРИИ ИЗ ЖИЗНИ»
41 Домашний
5.15 ТАЙНЫ ЕДЫ
5.30 ПАРНИ ИЗ ЯНТАРЯ
6.30 ИНОСТРАННАЯ КУХНЯ
7.00 ПРОГРАММА «36,6»
7.30 ЗВЕЗДНЫЕ ИСТОРИИ
8.00 ПОЛЕЗНОЕ УТРО
8.35 ТАЙНЫ ЕДЫ
8.50 СЛАДКИЕ ИСТОРИИ
9.05 Т/С «КОРОЛЕК - ПТИЧКА ПЕВЧАЯ»
15.00 СПРОСИТЕ ПОВАРА
16.00 Х/Ф «ЗОЛУШКА ИЗ ЗАП-РУДЬЯ»
18.00 ОДНА ЗА ВСЕХ
19.00 «ВКУС ЖИЗНИ»
19.30 Т/С «МИСС МАРПЛ. ТЕЛО В БИБЛИОТЕКЕ»
22.30 ЖЕНЫ ОЛИГАРХОВ
23.30 ОДНА ЗА ВСЕХ
00.00 Х/Ф «НЕОКОНЧЕННЫЙ РОМАН»
02.10 Х/Ф «ДЕСЯТОЕ КОРО-ЛЕВСТВО»
03.55 СКАЗКА «СНЕГУРОЧКА»
ЗВЕЗДА
6.00 Х/Ф «ЗЕМЛЯ САННИ-КОВА»
7.50 МУЛЬТФИЛЬМЫ
9.00 Д/Ф «БЕРЛИН. МАЙ 1945»
9.45 Д/С «СДЕЛАНО В СССР»
10.00 СЛУЖУ РОССИИ
11.15 ТРОПОЙ ДРАКОНА
11.45 Д/С «НЕВИДИМЫЕ ФРОНТУ»
12.30 Д/С «ОРУЖИЕ ПОБЕДЫ»
13.00 НОВОСТИ ДНЯ
13.15 Д/С «ОБОГНАВШИЕ ВРЕМЯ. ЧУЖИЕ РОС-СИИ»
13.50 Х/Ф «КОДОВОЕ НАЗВА-НИЕ «ЮЖНЫЙ ГРОМ»
16.30 Х/Ф «ВНИМАНИЕ! ВСЕМ ПОСТАМ...»
18.00 НОВОСТИ ДНЯ
18.15 Х/Ф «УЛИЦА ПОЛНА НЕОЖИДАННОСТЕЙ»
19.40 Т/С «ДВА КАПИТАНА»
04.20 Х/Ф «ЦЕЛУЮТСЯ ЗОРИ»
ОТВ
6.00 «ДЕПУТАТСКОЕ РАССЛЕ-ДОВАНИЕ»
6.00 «НЕОЖИДАННЫЕ ЭКС-ПЕРИМЕНТЫ»
8.30 Т/С «КАТИНА ЛЮБОВЬ»
10.00 МУЛЬТФИЛЬМЫ
11.00 «РЕБЯТАМ О ЗВЕРЯТАХ»
12.00 «ГОРОД НА КАРТЕ»
12.15 ЖКХ ДЛЯ ЧЕЛОВЕКА
12.30 ПАТРУЛЬНЫЙ УЧАСТОК
13.00 «РЕЦЕПТ»
13.30 «МИРОВЫЕ БИТВЫ ЭК-СТРАСЕНСОВ»
14.55 НАРИСОВАННОЕ ДЕТ-СТВО
15.45 «СОБЫТИЯ»
16.15 «НАСЛЕДНИКИ УРАРТУ»
16.30 «ПРОКУРАТУРА. НА СТРАЖЕ ЗАКОНА»
16.45 Х/Ф «ТЕАТР»
19.00 Т/С «ЮНКЕРА», 3 И 4 СЕРИИ
21.00 Х/Ф «ВСЕ ВОЗМОЖНО, ДЕТКА!»
22.40 «СОБЫТИЯ. ИТОГИ»
23.40 «ПАТРУЛЬНЫЙ УЧАС-ТОК. ИТОГИ»
00.15 «АВИАРЕВЮ»
00.30 «СЕКРЕТЫ СТРОЙНО-СТИ»
00.50 Х/Ф «КОЖА, В КОТОРОЙ Я ЖИВУ» (18+)
02.55 Д/Ф «НЕОЖИДАННЫЕ ЭКСПЕРИМЕНТЫ»
04.05 Д/Ф «ГОРОД СОБАК»
ТВ3
5.40 МУЛЬТФИЛЬМЫ
8.30 Х/Ф «ОСЕННИЙ МАРА-ФОН»
10.30 Х/Ф «РОБИН ГУД. ПРИНЦ ВОРОВ»
13.30 Х/Ф «ГАРРИ ПОТТЕР И ДАРЫ СМЕРТИ»
19.00 Х/Ф «ФАНТОМ»
21.00 Х/Ф «ХИЖИНА В ЛЕСУ» (16+)
23.00 Х/Ф «ПРИШЕЛЬЦЫ-ЗА-ВОЕВАТЕЛИ» (16+)
01.00 Х/Ф «ЛЕГИОН» (16+)
03.15 Х/Ф «ИМЯ РОЗЫ» (16+)
За информацию, предоставленную телеканалами, редакция ответственности не несет. В телепрограмме возможны изменения.
